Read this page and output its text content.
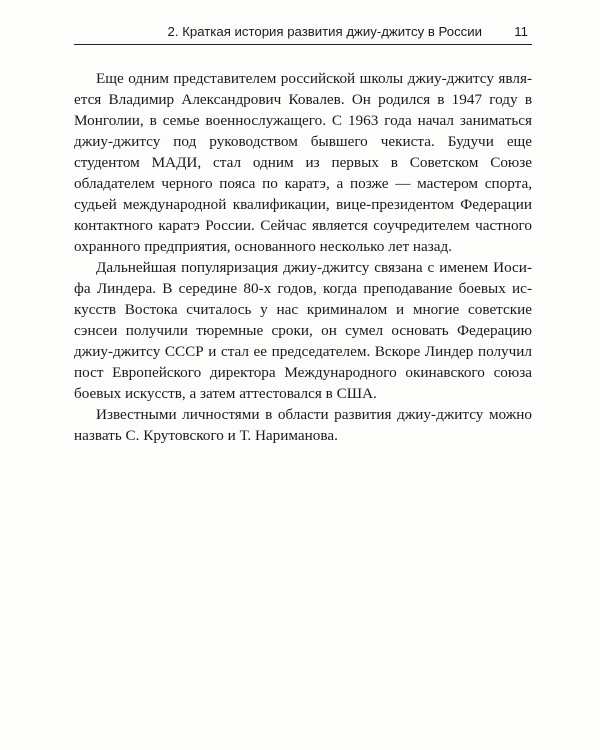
2. Краткая история развития джиу-джитсу в России 11

Еще одним представителем российской школы джиу-джитсу является Владимир Александрович Ковалев. Он родился в 1947 году в Монголии, в семье военнослужащего. С 1963 года начал заниматься джиу-джитсу под руководством бывшего чекиста. Будучи еще студентом МАДИ, стал одним из первых в Советском Союзе обладателем черного пояса по каратэ, а позже — мастером спорта, судьей международной квалификации, вице-президентом Федерации контактного каратэ России. Сейчас является соучредителем частного охранного предприятия, основанного несколько лет назад.

Дальнейшая популяризация джиу-джитсу связана с именем Иосифа Линдера. В середине 80-х годов, когда преподавание боевых искусств Востока считалось у нас криминалом и многие советские сэнсеи получили тюремные сроки, он сумел основать Федерацию джиу-джитсу СССР и стал ее председателем. Вскоре Линдер получил пост Европейского директора Международного окинавского союза боевых искусств, а затем аттестовался в США.

Известными личностями в области развития джиу-джитсу можно назвать С. Крутовского и Т. Нариманова.
